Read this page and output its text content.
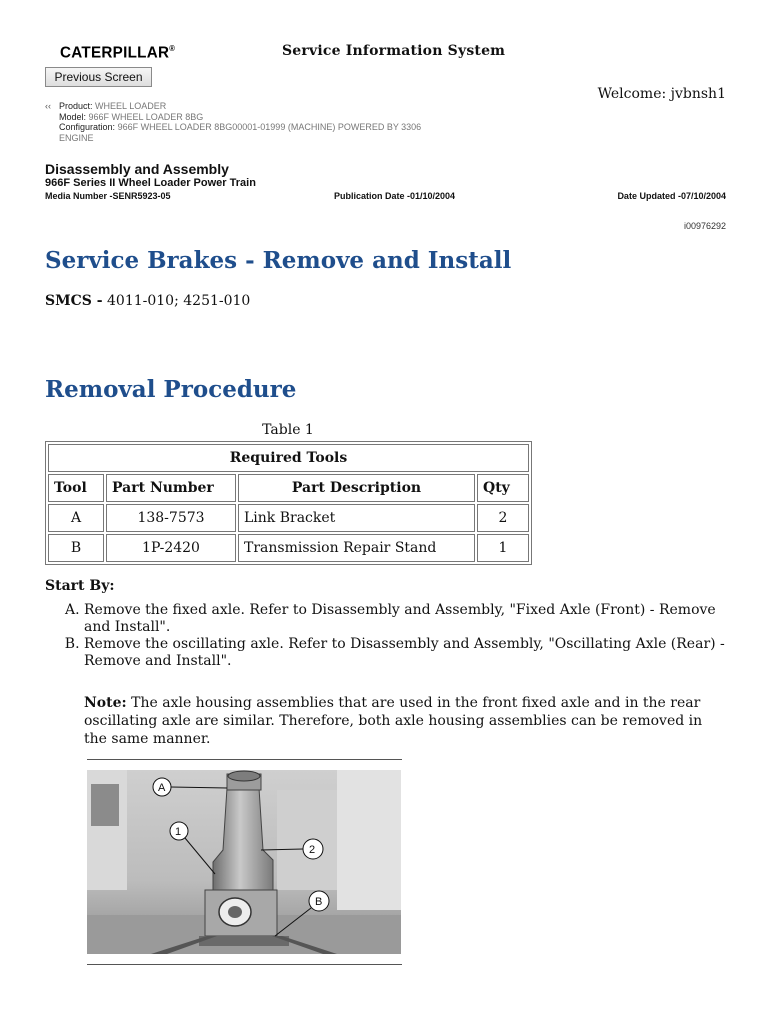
CATERPILLAR®	Service Information System
Previous Screen
Welcome: jvbnsh1
‹‹ Product: WHEEL LOADER
Model: 966F WHEEL LOADER 8BG
Configuration: 966F WHEEL LOADER 8BG00001-01999 (MACHINE) POWERED BY 3306
ENGINE
Disassembly and Assembly
966F Series II Wheel Loader Power Train
Media Number -SENR5923-05	Publication Date -01/10/2004	Date Updated -07/10/2004
i00976292
Service Brakes - Remove and Install
SMCS - 4011-010; 4251-010
Removal Procedure
Table 1
Required Tools			
Tool	Part Number	Part Description	Qty
A	138-7573	Link Bracket	2
B	1P-2420	Transmission Repair Stand	1
Start By:
A. Remove the fixed axle. Refer to Disassembly and Assembly, "Fixed Axle (Front) - Remove and Install".
B. Remove the oscillating axle. Refer to Disassembly and Assembly, "Oscillating Axle (Rear) - Remove and Install".
Note: The axle housing assemblies that are used in the front fixed axle and in the rear oscillating axle are similar. Therefore, both axle housing assemblies can be removed in the same manner.
A
1
2
B
